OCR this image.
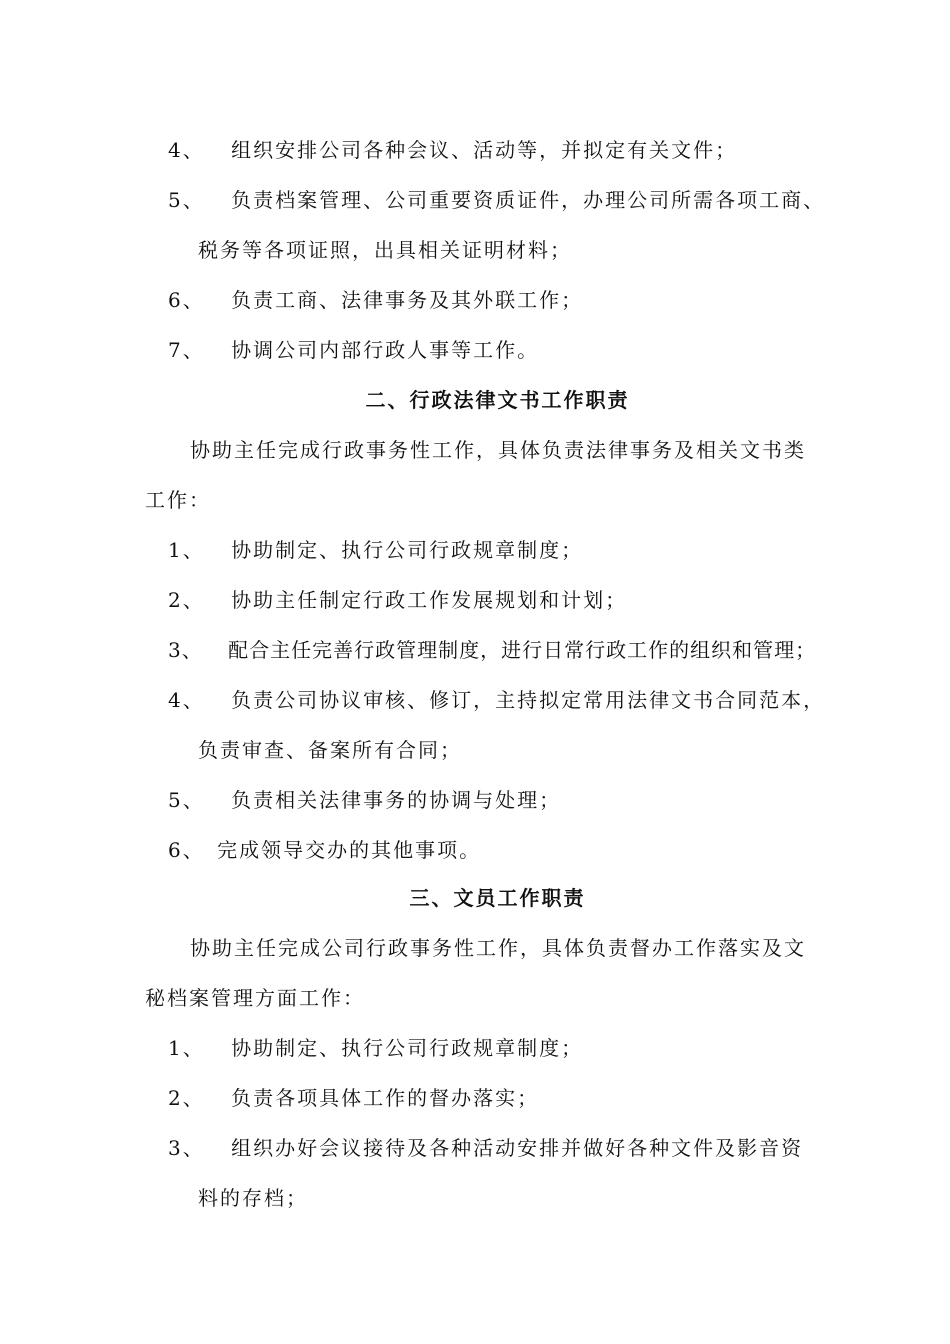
4、 组织安排公司各种会议、活动等，并拟定有关文件；
5、 负责档案管理、公司重要资质证件，办理公司所需各项工商、
税务等各项证照，出具相关证明材料；
6、 负责工商、法律事务及其外联工作；
7、 协调公司内部行政人事等工作。
二、行政法律文书工作职责
协助主任完成行政事务性工作，具体负责法律事务及相关文书类
工作：
1、 协助制定、执行公司行政规章制度；
2、 协助主任制定行政工作发展规划和计划；
3、 配合主任完善行政管理制度，进行日常行政工作的组织和管理；
4、 负责公司协议审核、修订，主持拟定常用法律文书合同范本，
负责审查、备案所有合同；
5、 负责相关法律事务的协调与处理；
6、 完成领导交办的其他事项。
三、文员工作职责
协助主任完成公司行政事务性工作，具体负责督办工作落实及文
秘档案管理方面工作：
1、 协助制定、执行公司行政规章制度；
2、 负责各项具体工作的督办落实；
3、 组织办好会议接待及各种活动安排并做好各种文件及影音资
料的存档；
